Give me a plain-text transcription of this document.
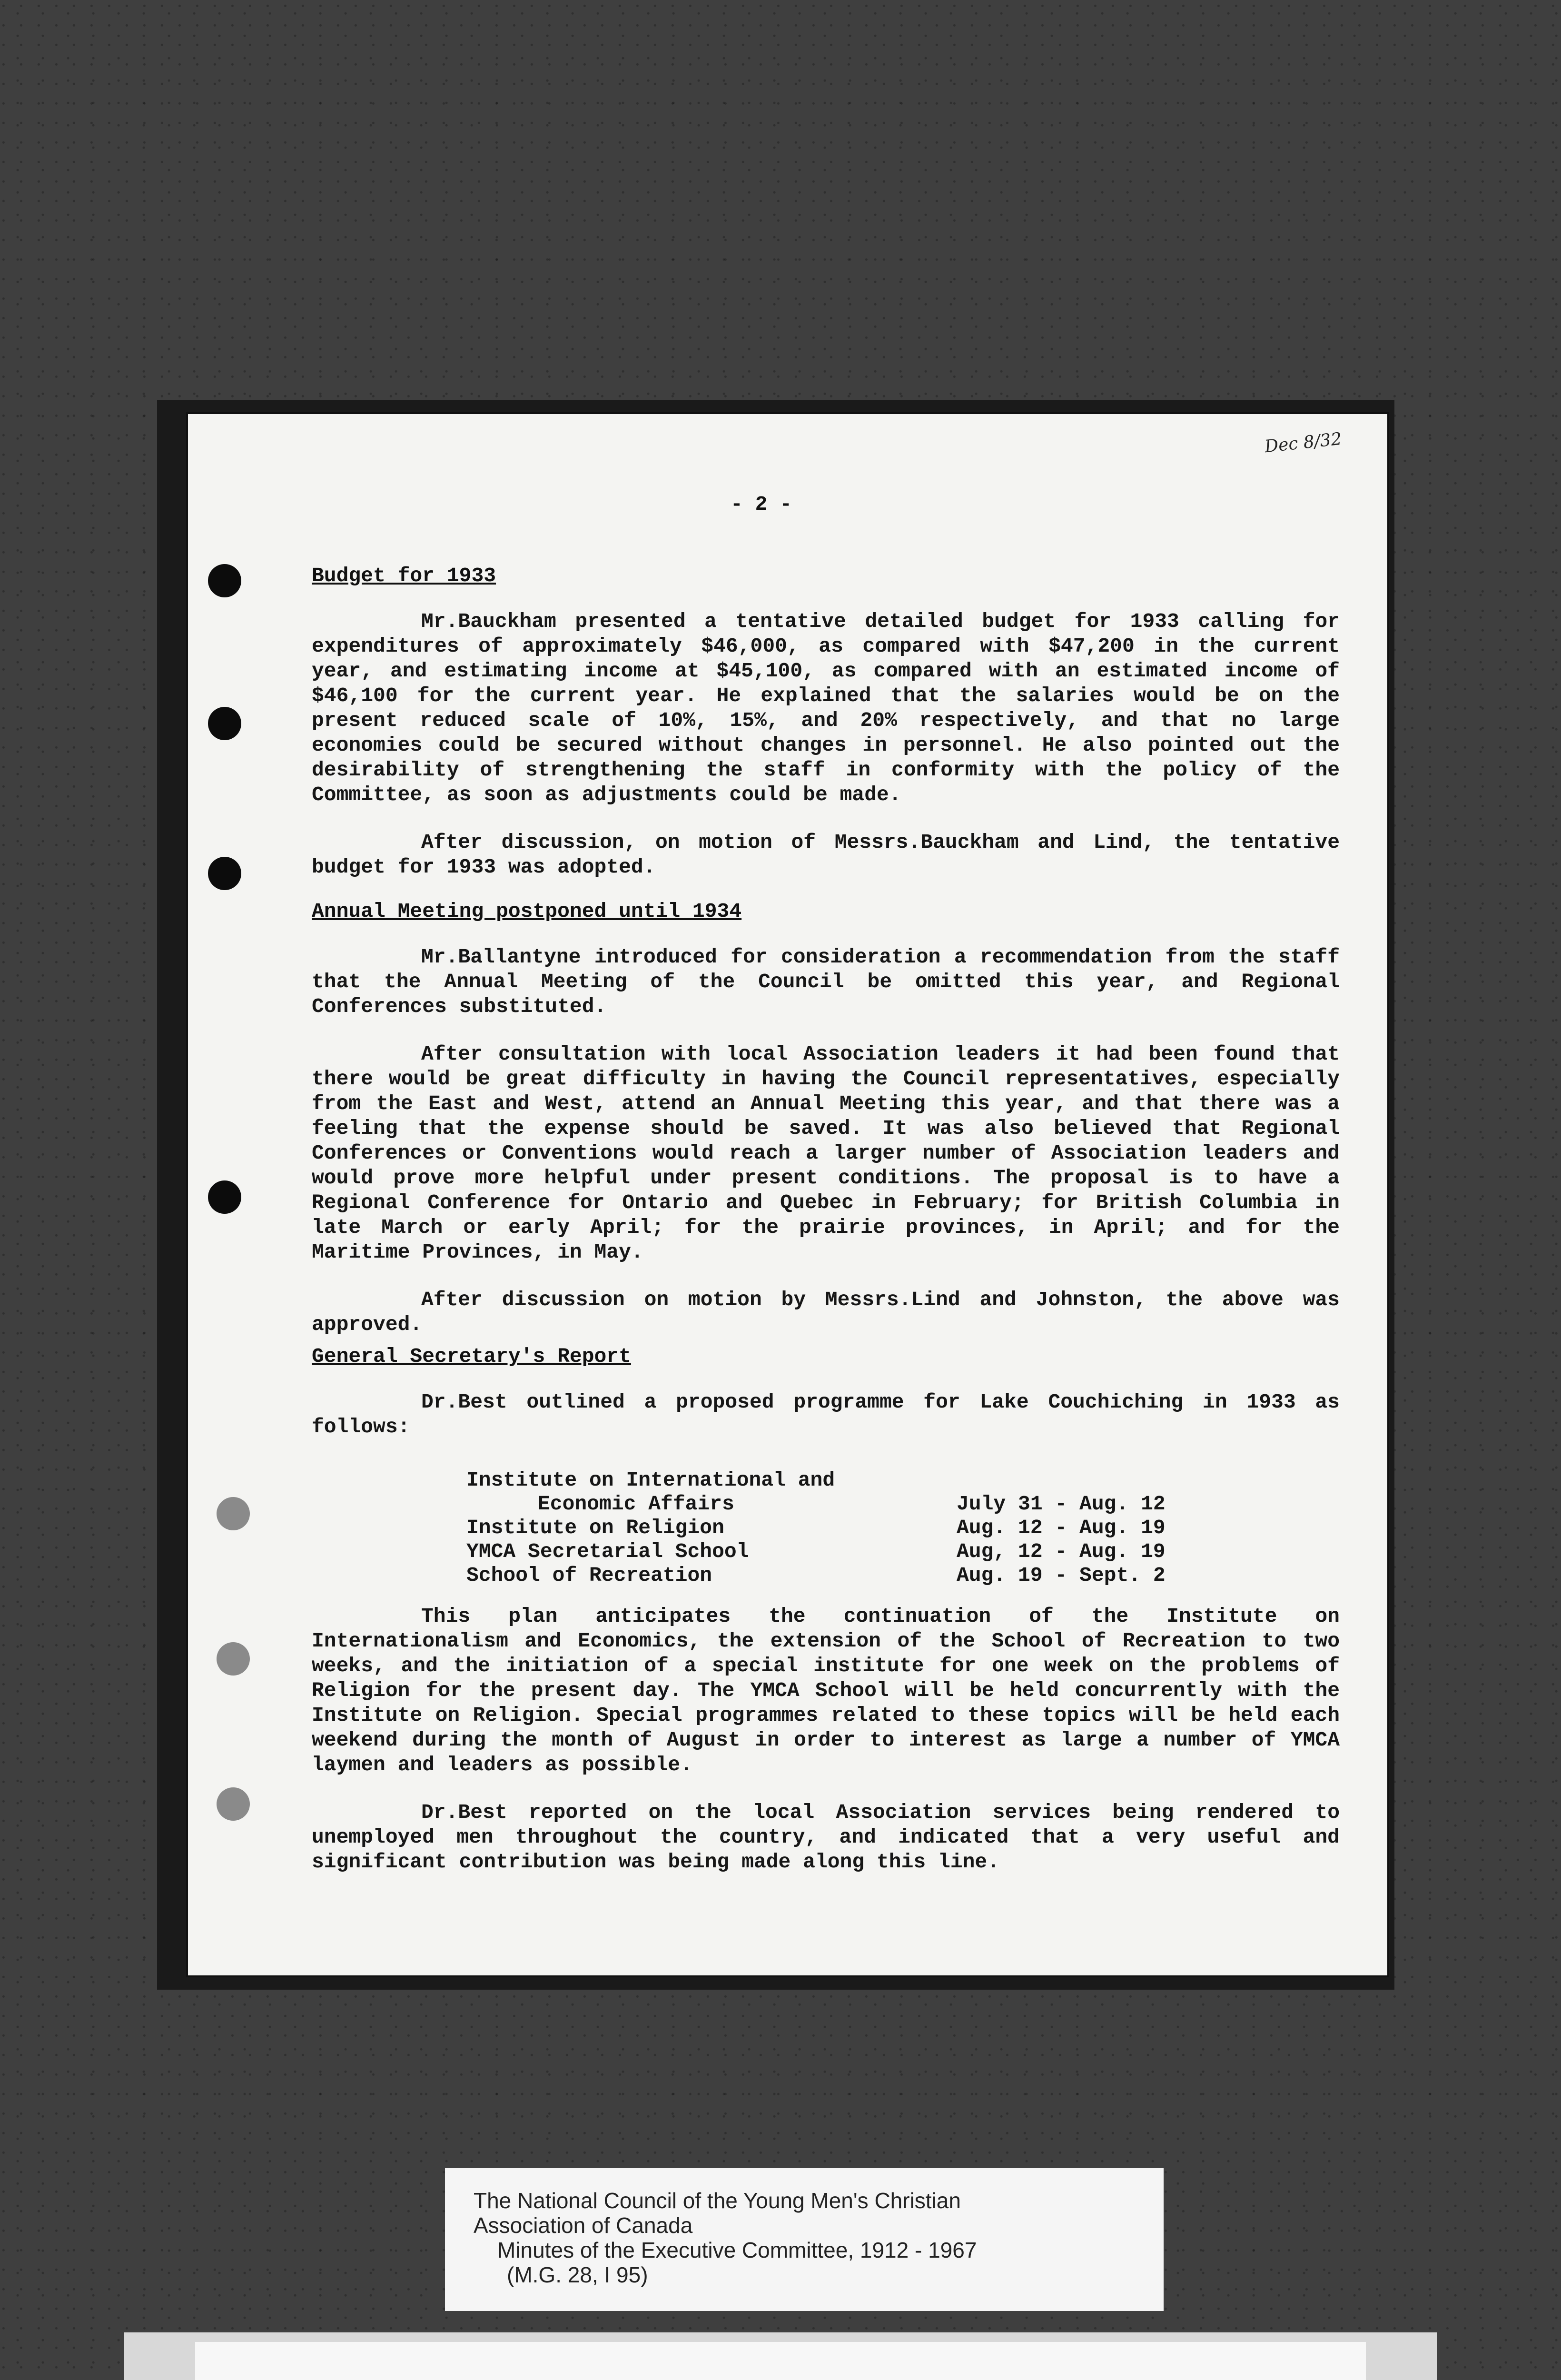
Dec 8/32
- 2 -
Budget for 1933

Mr.Bauckham presented a tentative detailed budget for 1933 calling for expenditures of approximately $46,000, as compared with $47,200 in the current year, and estimating income at $45,100, as compared with an estimated income of $46,100 for the current year. He explained that the salaries would be on the present reduced scale of 10%, 15%, and 20% respectively, and that no large economies could be secured without changes in personnel. He also pointed out the desirability of strengthening the staff in conformity with the policy of the Committee, as soon as adjustments could be made.

After discussion, on motion of Messrs.Bauckham and Lind, the tentative budget for 1933 was adopted.

Annual Meeting postponed until 1934

Mr.Ballantyne introduced for consideration a recommendation from the staff that the Annual Meeting of the Council be omitted this year, and Regional Conferences substituted.

After consultation with local Association leaders it had been found that there would be great difficulty in having the Council representatives, especially from the East and West, attend an Annual Meeting this year, and that there was a feeling that the expense should be saved. It was also believed that Regional Conferences or Conventions would reach a larger number of Association leaders and would prove more helpful under present conditions. The proposal is to have a Regional Conference for Ontario and Quebec in February; for British Columbia in late March or early April; for the prairie provinces, in April; and for the Maritime Provinces, in May.

After discussion on motion by Messrs.Lind and Johnston, the above was approved.

General Secretary's Report

Dr.Best outlined a proposed programme for Lake Couchiching in 1933 as follows:

Institute on International and
Economic Affairs	July 31 - Aug. 12
Institute on Religion	Aug. 12 - Aug. 19
YMCA Secretarial School	Aug, 12 - Aug. 19
School of Recreation	Aug. 19 - Sept. 2

This plan anticipates the continuation of the Institute on Internationalism and Economics, the extension of the School of Recreation to two weeks, and the initiation of a special institute for one week on the problems of Religion for the present day. The YMCA School will be held concurrently with the Institute on Religion. Special programmes related to these topics will be held each weekend during the month of August in order to interest as large a number of YMCA laymen and leaders as possible.

Dr.Best reported on the local Association services being rendered to unemployed men throughout the country, and indicated that a very useful and significant contribution was being made along this line.

The National Council of the Young Men's Christian
Association of Canada
Minutes of the Executive Committee, 1912 - 1967
(M.G. 28, I 95)
